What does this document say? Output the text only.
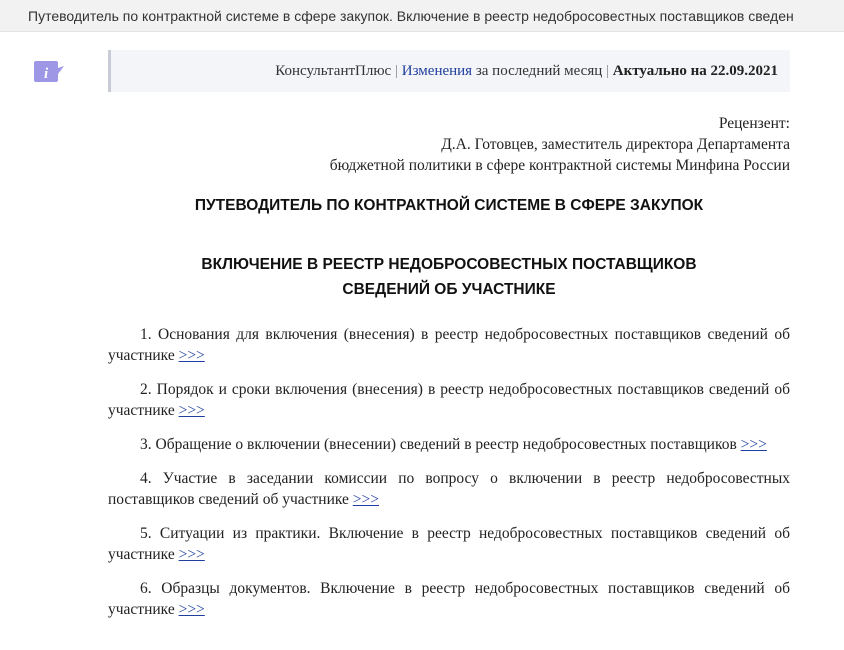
Путеводитель по контрактной системе в сфере закупок. Включение в реестр недобросовестных поставщиков сведен
i	КонсультантПлюс | Изменения за последний месяц | Актуально на 22.09.2021
Рецензент:
Д.А. Готовцев, заместитель директора Департамента
бюджетной политики в сфере контрактной системы Минфина России
ПУТЕВОДИТЕЛЬ ПО КОНТРАКТНОЙ СИСТЕМЕ В СФЕРЕ ЗАКУПОК
ВКЛЮЧЕНИЕ В РЕЕСТР НЕДОБРОСОВЕСТНЫХ ПОСТАВЩИКОВ
СВЕДЕНИЙ ОБ УЧАСТНИКЕ

1. Основания для включения (внесения) в реестр недобросовестных поставщиков сведений об участнике >>>

2. Порядок и сроки включения (внесения) в реестр недобросовестных поставщиков сведений об участнике >>>

3. Обращение о включении (внесении) сведений в реестр недобросовестных поставщиков >>>

4. Участие в заседании комиссии по вопросу о включении в реестр недобросовестных поставщиков сведений об участнике >>>

5. Ситуации из практики. Включение в реестр недобросовестных поставщиков сведений об участнике >>>

6. Образцы документов. Включение в реестр недобросовестных поставщиков сведений об участнике >>>
